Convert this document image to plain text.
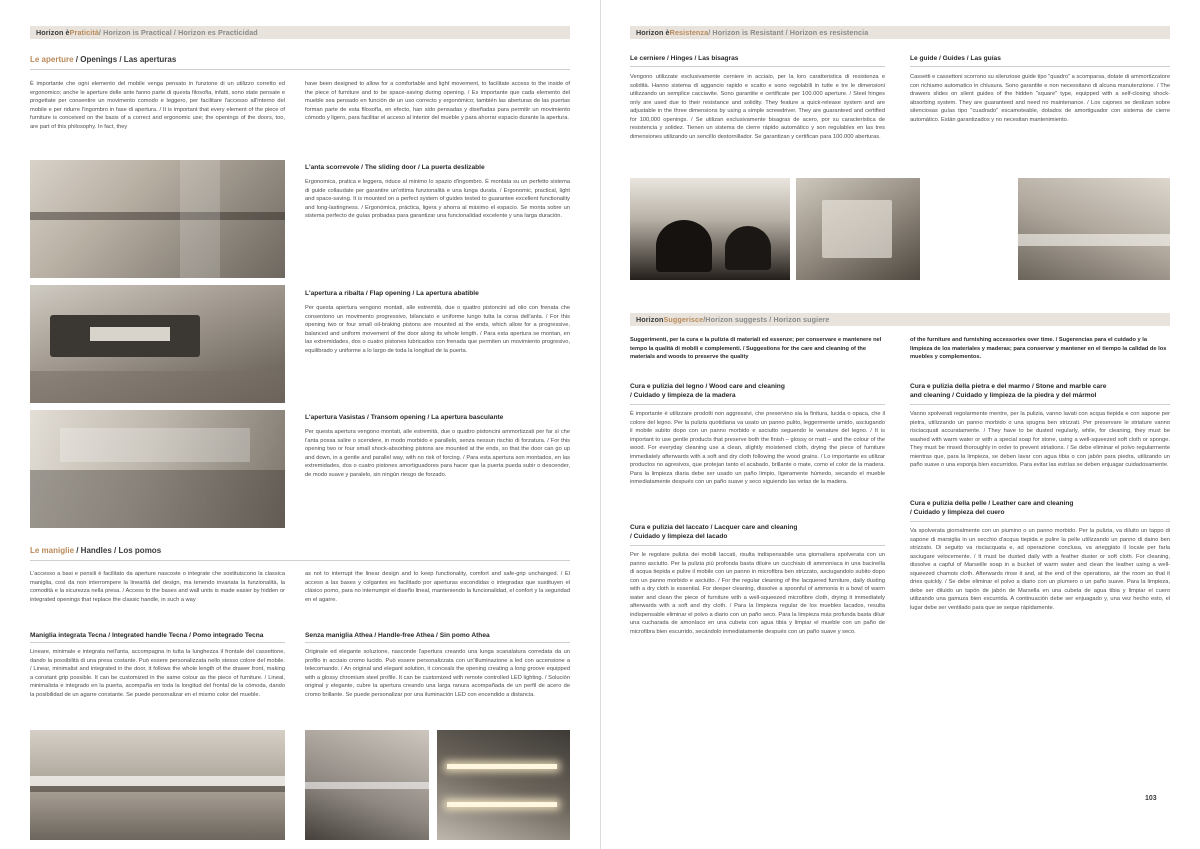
Horizon è Praticità / Horizon is Practical / Horizon es Practicidad
Le aperture / Openings / Las aperturas
È importante che ogni elemento del mobile venga pensato in funzione di un utilizzo corretto ed ergonomico; anche le aperture delle ante fanno parte di questa filosofia, infatti, sono state pensate e progettate per consentire un movimento comodo e leggero, per facilitare l'accesso all'interno del mobile e per ridurre l'ingombro in fase di apertura. / It is important that every element of the piece of furniture is conceived on the basis of a correct and ergonomic use; the openings of the doors, too, are part of this philosophy. In fact, they
have been designed to allow for a comfortable and light movement, to facilitate access to the inside of the piece of furniture and to be space-saving during opening. / Es importante que cada elemento del mueble sea pensado en función de un uso correcto y ergonómico; también las aberturas de las puertas forman parte de esta filosofía, en efecto, han sido pensadas y diseñadas para permitir un movimiento cómodo y ligero, para facilitar el acceso al interior del mueble y para ahorrar espacio durante la apertura.
L'anta scorrevole / The sliding door / La puerta deslizable
Ergonomica, pratica e leggera, riduce al minimo lo spazio d'ingombro. È montata su un perfetto sistema di guide collaudate per garantire un'ottima funzionalità e una lunga durata. / Ergonomic, practical, light and space-saving. It is mounted on a perfect system of guides tested to guarantee excellent functionality and long-lastingness. / Ergonómica, práctica, ligera y ahorra al máximo el espacio. Se monta sobre un sistema perfecto de guías probadas para garantizar una funcionalidad excelente y una larga duración.
L'apertura a ribalta / Flap opening / La apertura abatible
Per questa apertura vengono montati, alle estremità, due o quattro pistoncini ad olio con frenata che consentono un movimento progressivo, bilanciato e uniforme lungo tutta la corsa dell'anta. / For this opening two or four small oil-braking pistons are mounted at the ends, which allow for a progressive, balanced and uniform movement of the door along its whole length. / Para esta apertura se montan, en las extremidades, dos o cuatro pistones lubricados con frenada que permiten un movimiento progresivo, equilibrado y uniforme a lo largo de toda la longitud de la puerta.
L'apertura Vasistas / Transom opening / La apertura basculante
Per questa apertura vengono montati, alle estremità, due o quattro pistoncini ammortizzati per far sì che l'anta possa salire o scendere, in modo morbido e parallelo, senza nessun rischio di forzatura. / For this opening two or four small shock-absorbing pistons are mounted at the ends, so that the door can go up and down, in a gentle and parallel way, with no risk of forcing. / Para esta apertura son montados, en las extremidades, dos o cuatro pistones amortiguadores para hacer que la puerta pueda subir o descender, de modo suave y paralelo, sin ningún riesgo de forzado.
Le maniglie / Handles / Los pomos
L'accesso a basi e pensili è facilitato da aperture nascoste o integrate che sostituiscono la classica maniglia, così da non interrompere la linearità del design, ma tenendo invariata la funzionalità, la comodità e la sicurezza nella presa. / Access to the bases and wall units is made easier by hidden or integrated openings that replace the classic handle, in such a way
as not to interrupt the linear design and to keep functionality, comfort and safe-grip unchanged. / El acceso a las bases y colgantes es facilitado por aperturas escondidas o integradas que sustituyen el clásico pomo, para no interrumpir el diseño lineal, manteniendo la funcionalidad, el confort y la seguridad en el agarre.
Maniglia integrata Tecna / Integrated handle Tecna / Pomo integrado Tecna
Lineare, minimale e integrata nell'anta, accompagna in tutta la lunghezza il frontale del cassettone, dando la possibilità di una presa costante. Può essere personalizzata nello stesso colore del mobile. / Linear, minimalist and integrated in the door, it follows the whole length of the drawer front, making a constant grip possible. It can be customized in the same colour as the piece of furniture. / Lineal, minimalista e integrado en la puerta, acompaña en toda la longitud del frontal de la cómoda, dando la posibilidad de un agarre constante. Se puede personalizar en el mismo color del mueble.
Senza maniglia Athea / Handle-free Athea / Sin pomo Athea
Originale ed elegante soluzione, nasconde l'apertura creando una lunga scanalatura corredata da un profilo in acciaio cromo lucido. Può essere personalizzata con un'illuminazione a led con accensione a telecomando. / An original and elegant solution, it conceals the opening creating a long groove equipped with a glossy chromium steel profile. It can be customized with remote controlled LED lighting. / Solución original y elegante, cubre la apertura creando una larga ranura acompañada de un perfil de acero de cromo brillante. Se puede personalizar por una iluminación LED con encendido a distancia.
Horizon è Resistenza / Horizon is Resistant / Horizon es resistencia
Le cerniere / Hinges / Las bisagras
Vengono utilizzate esclusivamente cerniere in acciaio, per la loro caratteristica di resistenza e solidità. Hanno sistema di aggancio rapido e scatto e sono regolabili in tutte e tre le dimensioni utilizzando un semplice cacciavite. Sono garantite e certificate per 100.000 aperture. / Steel hinges only are used due to their resistance and solidity. They feature a quick-release system and are adjustable in the three dimensions by using a simple screwdriver. They are guaranteed and certified for 100,000 openings. / Se utilizan exclusivamente bisagras de acero, por su característica de resistencia y solidez. Tienen un sistema de cierre rápido automático y son regulables en las tres dimensiones utilizando un sencillo destornillador. Se garantizan y certifican para 100.000 aberturas.
Le guide / Guides / Las guías
Cassetti e cassettoni scorrono su silenziose guide tipo "quadro" a scomparsa, dotate di ammortizzatore con richiamo automatico in chiusura. Sono garantite e non necessitano di alcuna manutenzione. / The drawers slides on silent guides of the hidden "square" type, equipped with a self-closing shock-absorbing system. They are guaranteed and need no maintenance. / Los cajones se deslizan sobre silenciosas guías tipo "cuadrado" escamoteable, dotados de amortiguador con sistema de cierre automático. Están garantizados y no necesitan mantenimiento.
Horizon Suggerisce /Horizon suggests / Horizon sugiere
Suggerimenti, per la cura e la pulizia di materiali ed essenze; per conservare e mantenere nel tempo la qualità di mobili e complementi. / Suggestions for the care and cleaning of the materials and woods to preserve the quality
of the furniture and furnishing accessories over time. / Sugerencias para el cuidado y la limpieza de los materiales y maderas; para conservar y mantener en el tiempo la calidad de los muebles y complementos.
Cura e pulizia del legno / Wood care and cleaning
/ Cuidado y limpieza de la madera
È importante è utilizzare prodotti non aggressivi, che preservino sia la finitura, lucida o opaca, che il colore del legno. Per la pulizia quotidiana va usato un panno pulito, leggermente umido, asciugando il mobile subito dopo con un panno morbido e asciutto seguendo le venature del legno. / It is important to use gentle products that preserve both the finish – glossy or matt – and the colour of the wood. For everyday cleaning use a clean, slightly moistened cloth, drying the piece of furniture immediately afterwards with a soft and dry cloth following the wood grains. / Lo importante es utilizar productos no agresivos, que protejan tanto el acabado, brillante o mate, como el color de la madera. Para la limpieza diaria debe ser usado un paño limpio, ligeramente húmedo, secando el mueble inmediatamente después con un paño suave y seco siguiendo las vetas de la madera.
Cura e pulizia del laccato / Lacquer care and cleaning
/ Cuidado y limpieza del lacado
Per le regolare pulizia dei mobili laccati, risulta indispensabile una giornaliera spolverata con un panno asciutto. Per la pulizia più profonda basta diluire un cucchiaio di ammoniaca in una bacinella di acqua tiepida e pulire il mobile con un panno in microfibra ben strizzato, asciugandolo subito dopo con un panno morbido e asciutto. / For the regular cleaning of the lacquered furniture, daily dusting with a dry cloth is essential. For deeper cleaning, dissolve a spoonful of ammonia in a bowl of warm water and clean the piece of furniture with a well-squeezed microfibre cloth, drying it immediately afterwards with a soft and dry cloth. / Para la limpieza regular de los muebles lacados, resulta indispensable eliminar el polvo a diario con un paño seco. Para la limpieza más profunda basta diluir una cucharada de amoníaco en una cubeta con agua tibia y limpiar el mueble con un paño de microfibra bien escurrido, secándolo inmediatamente después con un paño suave y seco.
Cura e pulizia della pietra e del marmo / Stone and marble care
and cleaning / Cuidado y limpieza de la piedra y del mármol
Vanno spolverati regolarmente mentre, per la pulizia, vanno lavati con acqua tiepida e con sapone per pietra, utilizzando un panno morbido o una spugna ben strizzati. Per preservare le striature vanno risciacquati accuratamente. / They have to be dusted regularly, while, for cleaning, they must be washed with warm water or with a special soap for stone, using a well-squeezed soft cloth or sponge. They must be rinsed thoroughly in order to prevent striations. / Se debe eliminar el polvo regularmente mientras que, para la limpieza, se deben lavar con agua tibia o con jabón para piedra, utilizando un paño suave o una esponja bien escurridos. Para evitar las estrías se deben enjuagar cuidadosamente.
Cura e pulizia della pelle / Leather care and cleaning
/ Cuidado y limpieza del cuero
Va spolverata giornalmente con un piumino o un panno morbido. Per la pulizia, va diluito un tappo di sapone di marsiglia in un secchio d'acqua tiepida e pulire la pelle utilizzando un panno di daino ben strizzato. Di seguito va risciacquata e, ad operazione conclusa, va arieggiato il locale per farla asciugare velocemente. / It must be dusted daily with a feather duster or soft cloth. For cleaning, dissolve a capful of Marseille soap in a bucket of warm water and clean the leather using a well-squeezed chamois cloth. Afterwards rinse it and, at the end of the operations, air the room so that it dries quickly. / Se debe eliminar el polvo a diario con un plumero o un paño suave. Para la limpieza, debe ser diluido un tapón de jabón de Marsella en una cubeta de agua tibia y limpiar el cuero utilizando una gamuza bien escurrida. A continuación debe ser enjuagado y, una vez hecho esto, el lugar debe ser ventilado para que se seque rápidamente.
103
